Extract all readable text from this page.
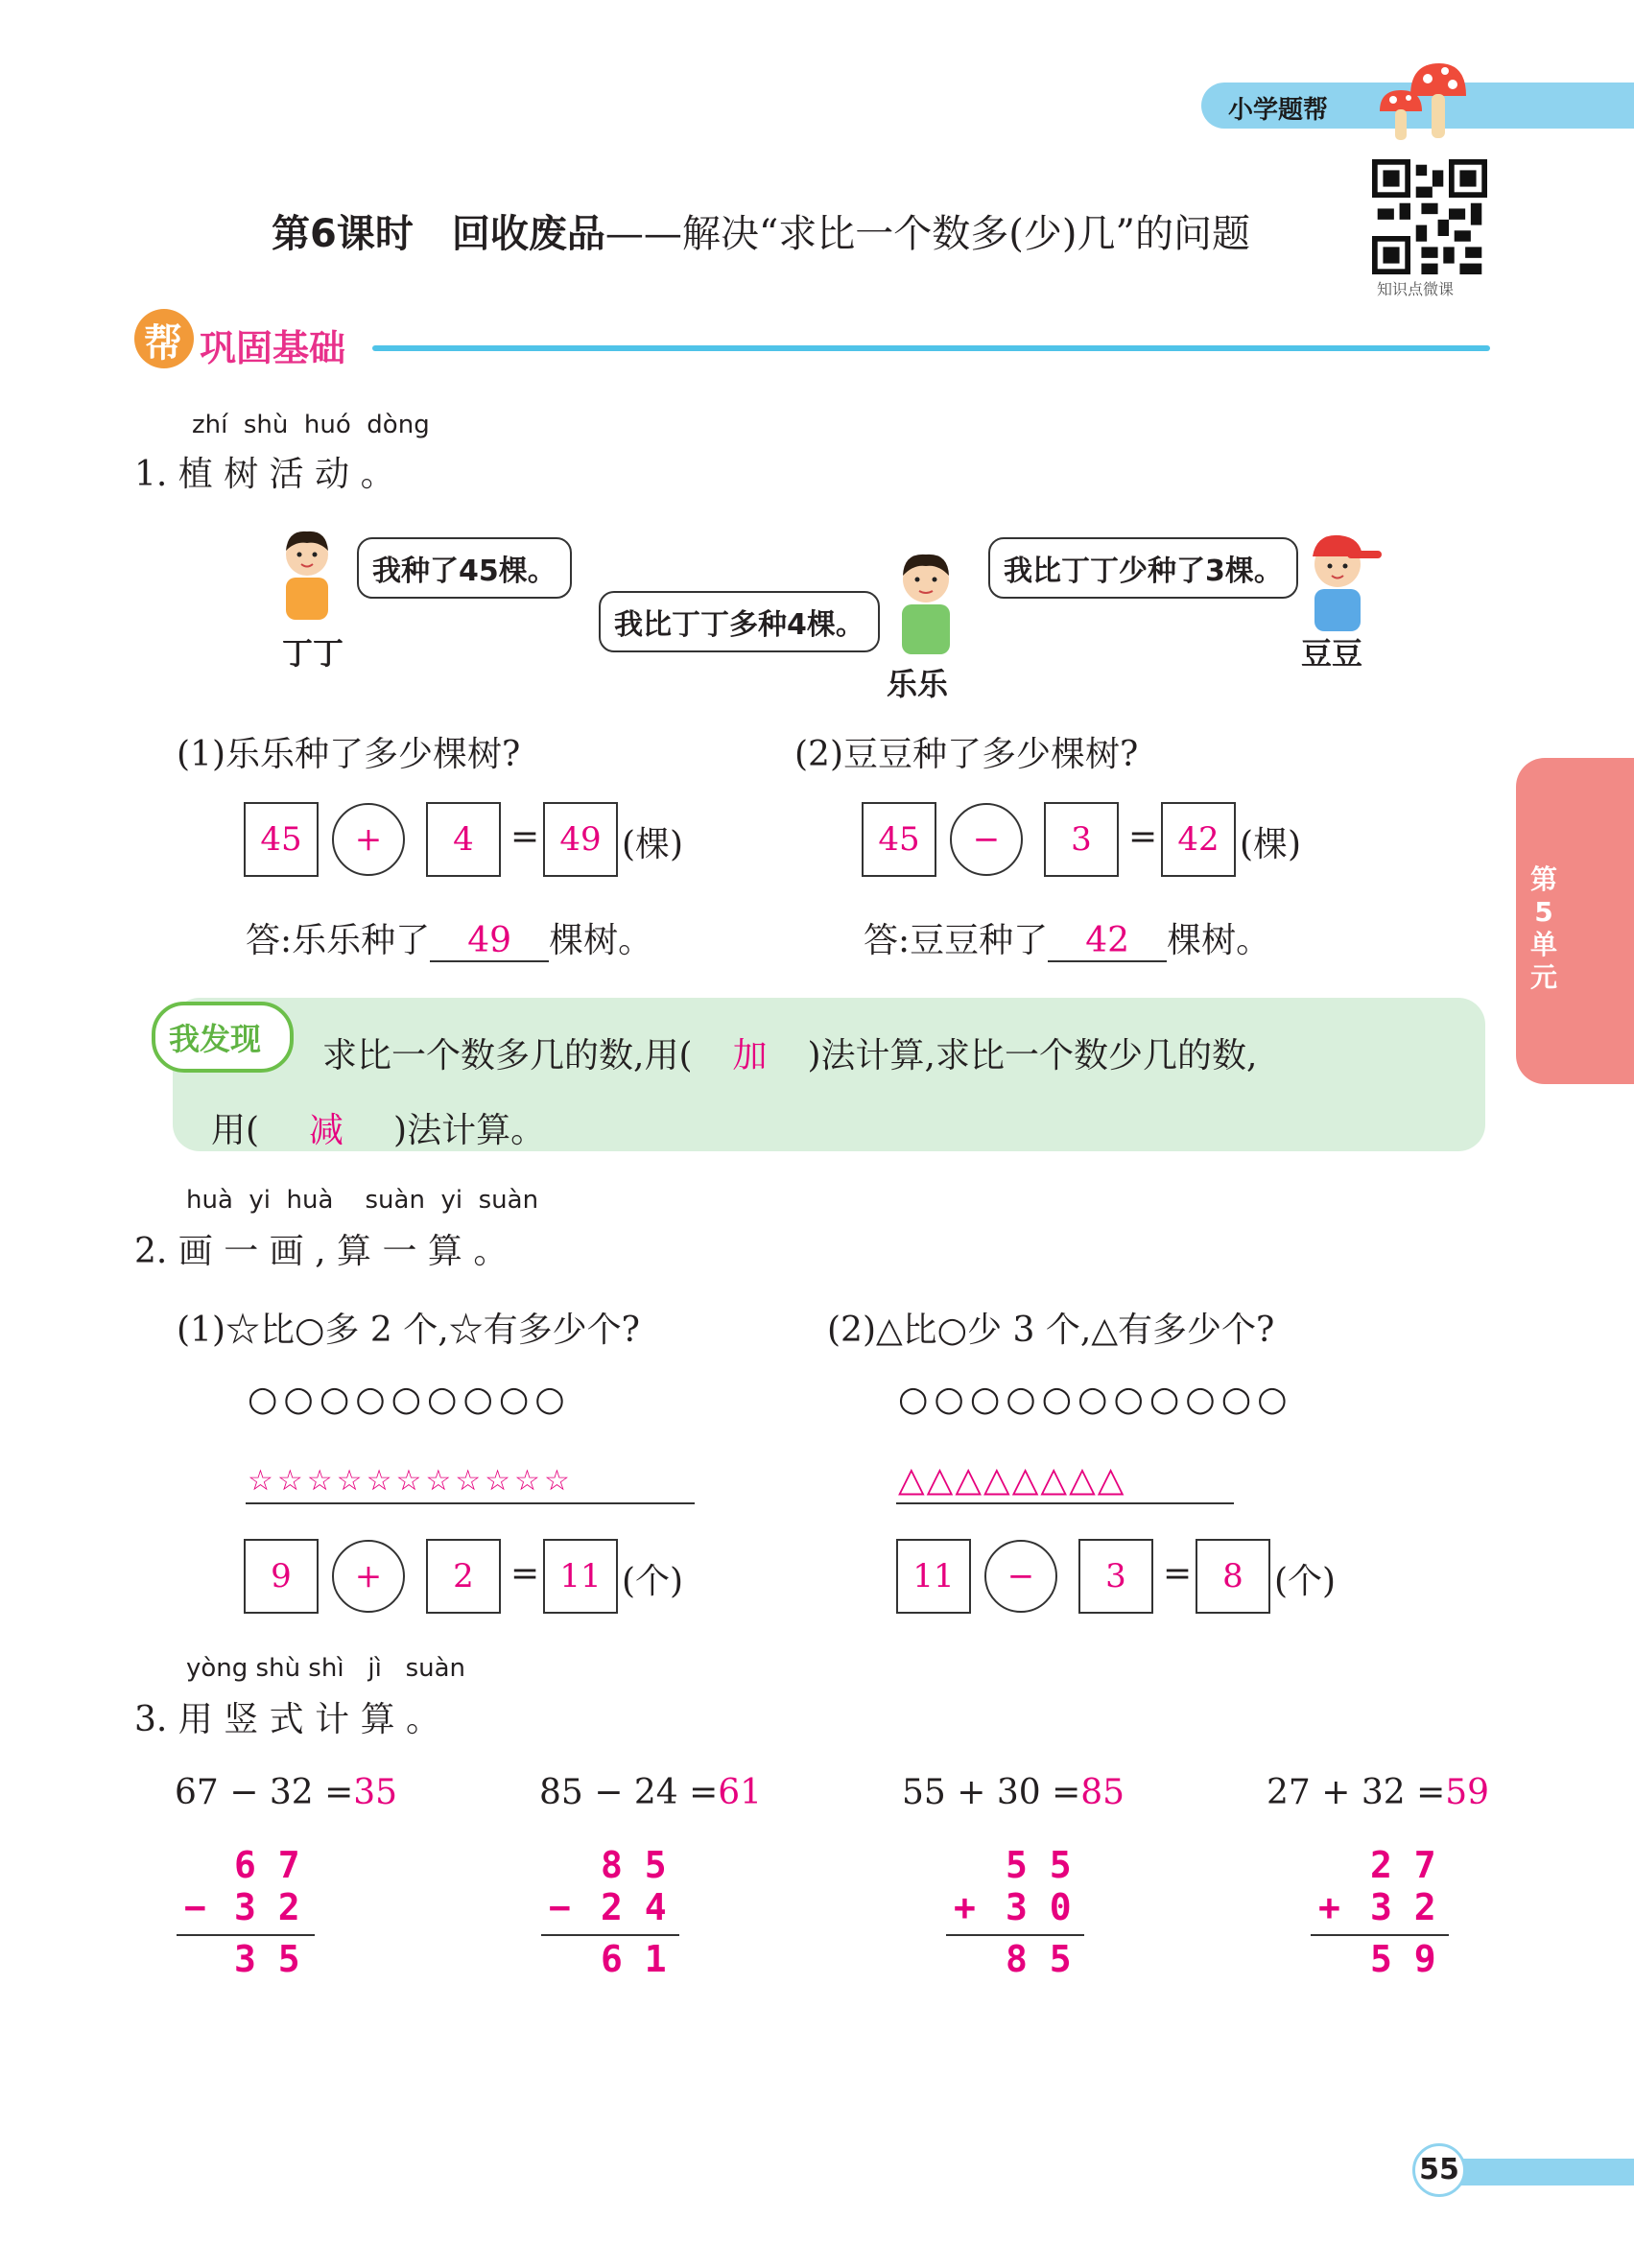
小学题帮
第6课时　回收废品——解决“求比一个数多(少)几”的问题
知识点微课
帮 巩固基础
zhí  shù  huó  dòng
1. 植 树 活 动 。
我种了45棵。
丁丁
我比丁丁多种4棵。
乐乐
我比丁丁少种了3棵。
豆豆
(1)乐乐种了多少棵树?
45	+	4	= 49 (棵)
答:乐乐种了 49 棵树。
(2)豆豆种了多少棵树?
45	−	3	= 42 (棵)
答:豆豆种了 42 棵树。
我发现 求比一个数多几的数,用( 加 )法计算,求比一个数少几的数,
用( 减 )法计算。
huà  yi  huà    suàn  yi  suàn
2. 画 一 画 , 算 一 算 。
(1)☆比○多 2 个,☆有多少个?
○○○○○○○○○
☆☆☆☆☆☆☆☆☆☆☆
9	+	2	= 11 (个)
(2)△比○少 3 个,△有多少个?
○○○○○○○○○○○
△△△△△△△△
11	−	3	= 8 (个)
yòng shù shì   jì   suàn
3. 用 竖 式 计 算 。
67 − 32 =35
6 7
− 3 2
3 5
85 − 24 =61
8 5
− 2 4
6 1
55 + 30 =85
5 5
+ 3 0
8 5
27 + 32 =59
2 7
+ 3 2
5 9
第5单元
55
